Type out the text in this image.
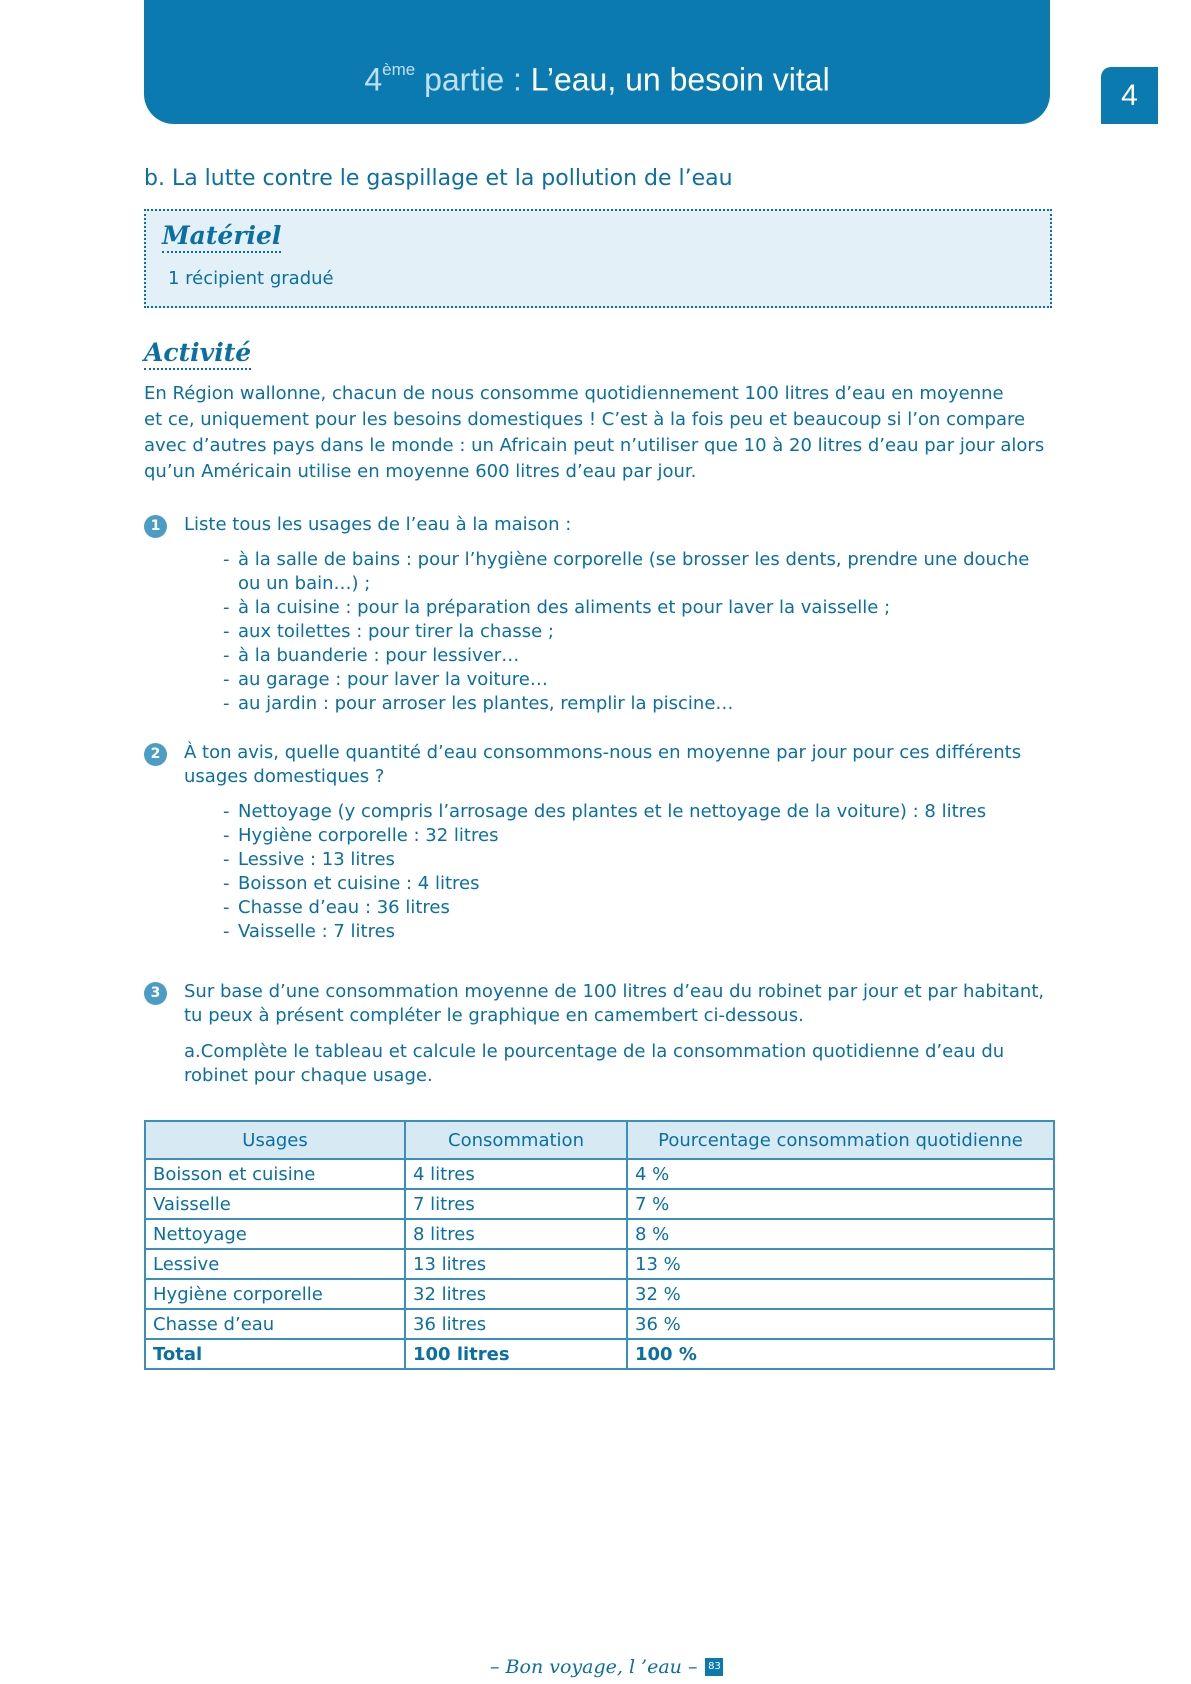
4ème partie : L’eau, un besoin vital	4
b. La lutte contre le gaspillage et la pollution de l’eau
Matériel
1 récipient gradué
Activité
En Région wallonne, chacun de nous consomme quotidiennement 100 litres d’eau en moyenne
et ce, uniquement pour les besoins domestiques ! C’est à la fois peu et beaucoup si l’on compare
avec d’autres pays dans le monde : un Africain peut n’utiliser que 10 à 20 litres d’eau par jour alors
qu’un Américain utilise en moyenne 600 litres d’eau par jour.
1	Liste tous les usages de l’eau à la maison :
- à la salle de bains : pour l’hygiène corporelle (se brosser les dents, prendre une douche
ou un bain…) ;
- à la cuisine : pour la préparation des aliments et pour laver la vaisselle ;
- aux toilettes : pour tirer la chasse ;
- à la buanderie : pour lessiver…
- au garage : pour laver la voiture…
- au jardin : pour arroser les plantes, remplir la piscine…
2	À ton avis, quelle quantité d’eau consommons-nous en moyenne par jour pour ces différents
usages domestiques ?
- Nettoyage (y compris l’arrosage des plantes et le nettoyage de la voiture) : 8 litres
- Hygiène corporelle : 32 litres
- Lessive : 13 litres
- Boisson et cuisine : 4 litres
- Chasse d’eau : 36 litres
- Vaisselle : 7 litres
3	Sur base d’une consommation moyenne de 100 litres d’eau du robinet par jour et par habitant,
tu peux à présent compléter le graphique en camembert ci-dessous.
a.Complète le tableau et calcule le pourcentage de la consommation quotidienne d’eau du
robinet pour chaque usage.
Usages	Consommation	Pourcentage consommation quotidienne
Boisson et cuisine	4 litres	4 %
Vaisselle	7 litres	7 %
Nettoyage	8 litres	8 %
Lessive	13 litres	13 %
Hygiène corporelle	32 litres	32 %
Chasse d’eau	36 litres	36 %
Total	100 litres	100 %
– Bon voyage, l ’eau – 83
